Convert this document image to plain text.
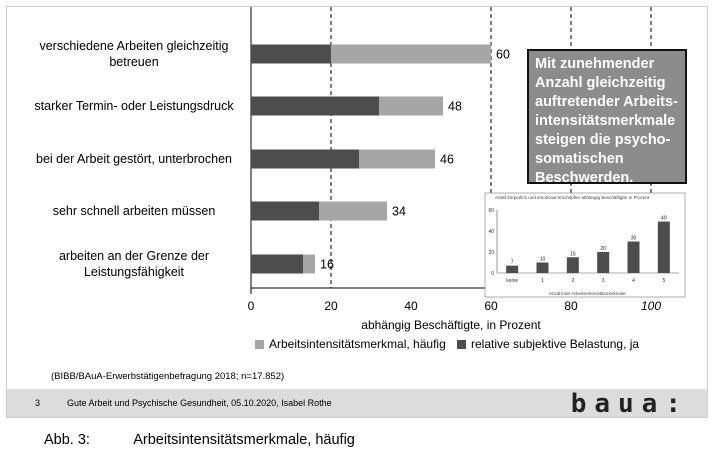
60
48
46
34
16
0	20	40	60	80	100
abhängig Beschäftigte, in Prozent
0
20
40
60
7
keine
10
1
15
2
20
3
30
4
49
5
verschiedene Arbeiten gleichzeitig
betreuen
starker Termin- oder Leistungsdruck
bei der Arbeit gestört, unterbrochen
sehr schnell arbeiten müssen
arbeiten an der Grenze der
Leistungsfähigkeit
Mit zunehmender
Anzahl gleichzeitig
auftretender Arbeits-
intensitätsmerkmale
steigen die psycho-
somatischen
Beschwerden.
Anteil körperlich und emotional erschöpfter abhängig Beschäftigter in Prozent
Anzahl der Arbeitsintensitätsmerkmale
Arbeitsintensitätsmerkmal, häufig relative subjektive Belastung, ja
(BIBB/BAuA-Erwerbstätigenbefragung 2018; n=17.852)
3	Gute Arbeit und Psychische Gesundheit, 05.10.2020, Isabel Rothe	baua:
Abb. 3:	Arbeitsintensitätsmerkmale, häufig
